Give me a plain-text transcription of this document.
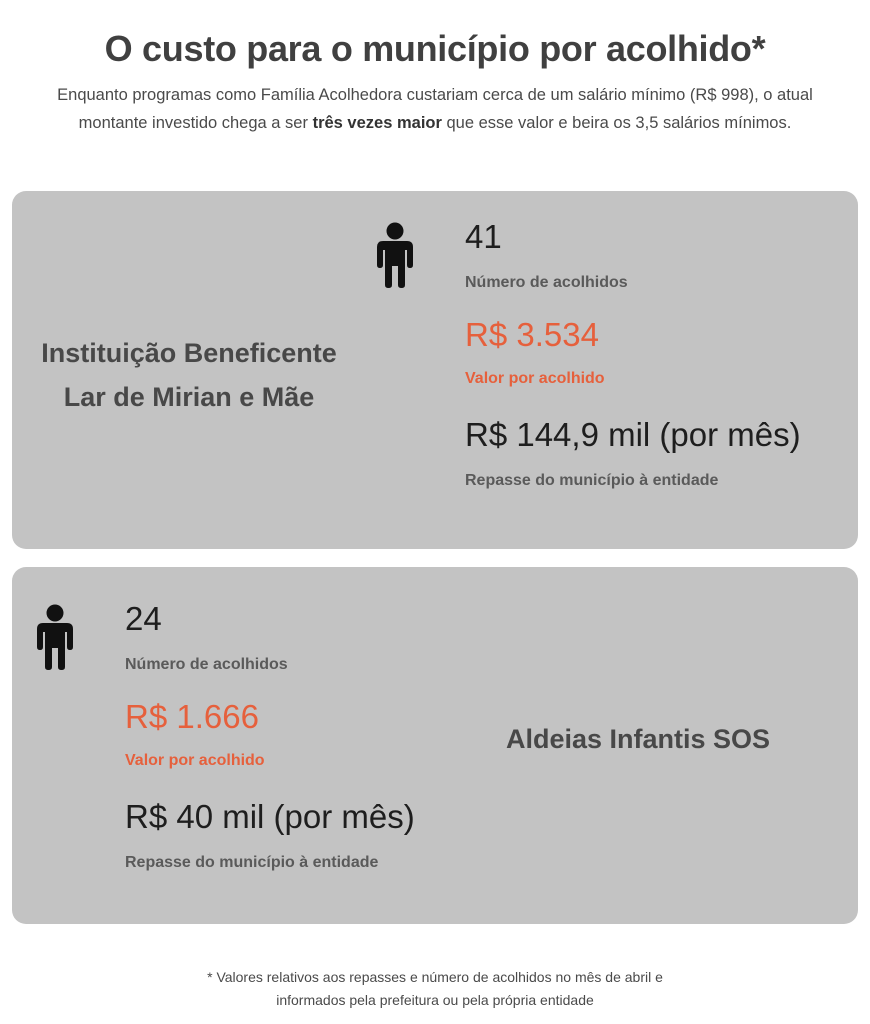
O custo para o município por acolhido*

Enquanto programas como Família Acolhedora custariam cerca de um salário mínimo (R$ 998), o atual montante investido chega a ser três vezes maior que esse valor e beira os 3,5 salários mínimos.

Instituição Beneficente
Lar de Mirian e Mãe
41
Número de acolhidos
R$ 3.534
Valor por acolhido
R$ 144,9 mil (por mês)
Repasse do município à entidade
24
Número de acolhidos
R$ 1.666
Valor por acolhido
R$ 40 mil (por mês)
Repasse do município à entidade
Aldeias Infantis SOS
* Valores relativos aos repasses e número de acolhidos no mês de abril e
informados pela prefeitura ou pela própria entidade
